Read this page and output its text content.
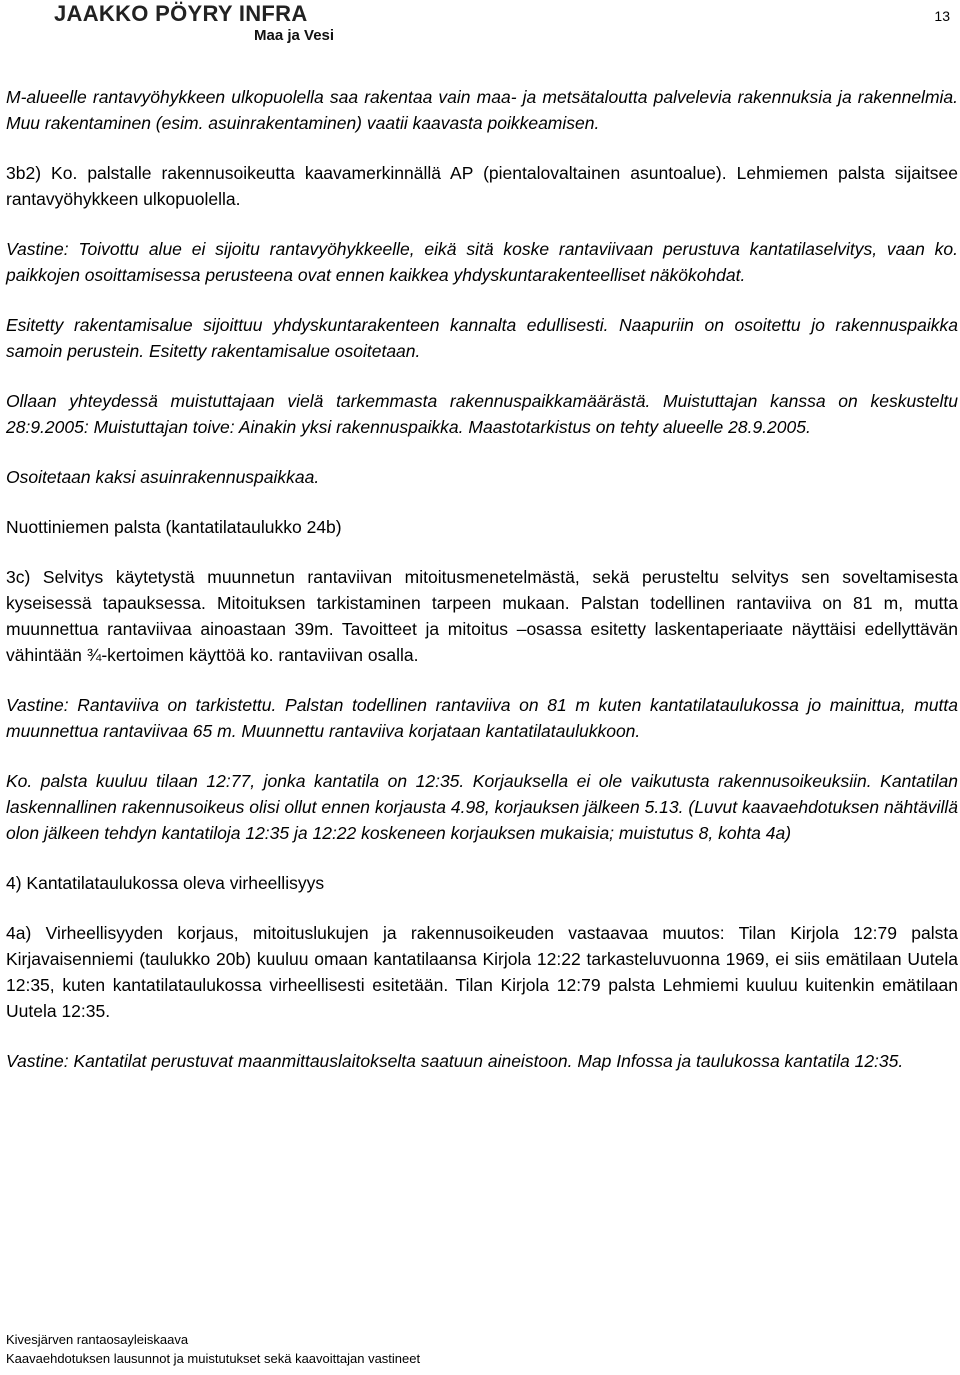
JAAKKO PÖYRY INFRA
Maa ja Vesi
13

M-alueelle rantavyöhykkeen ulkopuolella saa rakentaa vain maa- ja metsätaloutta palvelevia rakennuksia ja rakennelmia. Muu rakentaminen (esim. asuinrakentaminen) vaatii kaavasta poikkeamisen.

3b2) Ko. palstalle rakennusoikeutta kaavamerkinnällä AP (pientalovaltainen asuntoalue). Lehmiemen palsta sijaitsee rantavyöhykkeen ulkopuolella.

Vastine: Toivottu alue ei sijoitu rantavyöhykkeelle, eikä sitä koske rantaviivaan perustuva kantatilaselvitys, vaan ko. paikkojen osoittamisessa perusteena ovat ennen kaikkea yhdyskuntarakenteelliset näkökohdat.

Esitetty rakentamisalue sijoittuu yhdyskuntarakenteen kannalta edullisesti. Naapuriin on osoitettu jo rakennuspaikka samoin perustein. Esitetty rakentamisalue osoitetaan.

Ollaan yhteydessä muistuttajaan vielä tarkemmasta rakennuspaikkamäärästä. Muistuttajan kanssa on keskusteltu 28:9.2005: Muistuttajan toive: Ainakin yksi rakennuspaikka. Maastotarkistus on tehty alueelle 28.9.2005.

Osoitetaan kaksi asuinrakennuspaikkaa.

Nuottiniemen palsta (kantatilataulukko 24b)

3c) Selvitys käytetystä muunnetun rantaviivan mitoitusmenetelmästä, sekä perusteltu selvitys sen soveltamisesta kyseisessä tapauksessa. Mitoituksen tarkistaminen tarpeen mukaan. Palstan todellinen rantaviiva on 81 m, mutta muunnettua rantaviivaa ainoastaan 39m. Tavoitteet ja mitoitus –osassa esitetty laskentaperiaate näyttäisi edellyttävän vähintään ¾-kertoimen käyttöä ko. rantaviivan osalla.

Vastine: Rantaviiva on tarkistettu. Palstan todellinen rantaviiva on 81 m kuten kantatilataulukossa jo mainittua, mutta muunnettua rantaviivaa 65 m. Muunnettu rantaviiva korjataan kantatilataulukkoon.

Ko. palsta kuuluu tilaan 12:77, jonka kantatila on 12:35. Korjauksella ei ole vaikutusta rakennusoikeuksiin. Kantatilan laskennallinen rakennusoikeus olisi ollut ennen korjausta 4.98, korjauksen jälkeen 5.13. (Luvut kaavaehdotuksen nähtävillä olon jälkeen tehdyn kantatiloja 12:35 ja 12:22 koskeneen korjauksen mukaisia; muistutus 8, kohta 4a)

4) Kantatilataulukossa oleva virheellisyys

4a) Virheellisyyden korjaus, mitoituslukujen ja rakennusoikeuden vastaavaa muutos: Tilan Kirjola 12:79 palsta Kirjavaisenniemi (taulukko 20b) kuuluu omaan kantatilaansa Kirjola 12:22 tarkasteluvuonna 1969, ei siis emätilaan Uutela 12:35, kuten kantatilataulukossa virheellisesti esitetään. Tilan Kirjola 12:79 palsta Lehmiemi kuuluu kuitenkin emätilaan Uutela 12:35.

Vastine: Kantatilat perustuvat maanmittauslaitokselta saatuun aineistoon. Map Infossa ja taulukossa kantatila 12:35.

Kivesjärven rantaosayleiskaava
Kaavaehdotuksen lausunnot ja muistutukset sekä kaavoittajan vastineet
